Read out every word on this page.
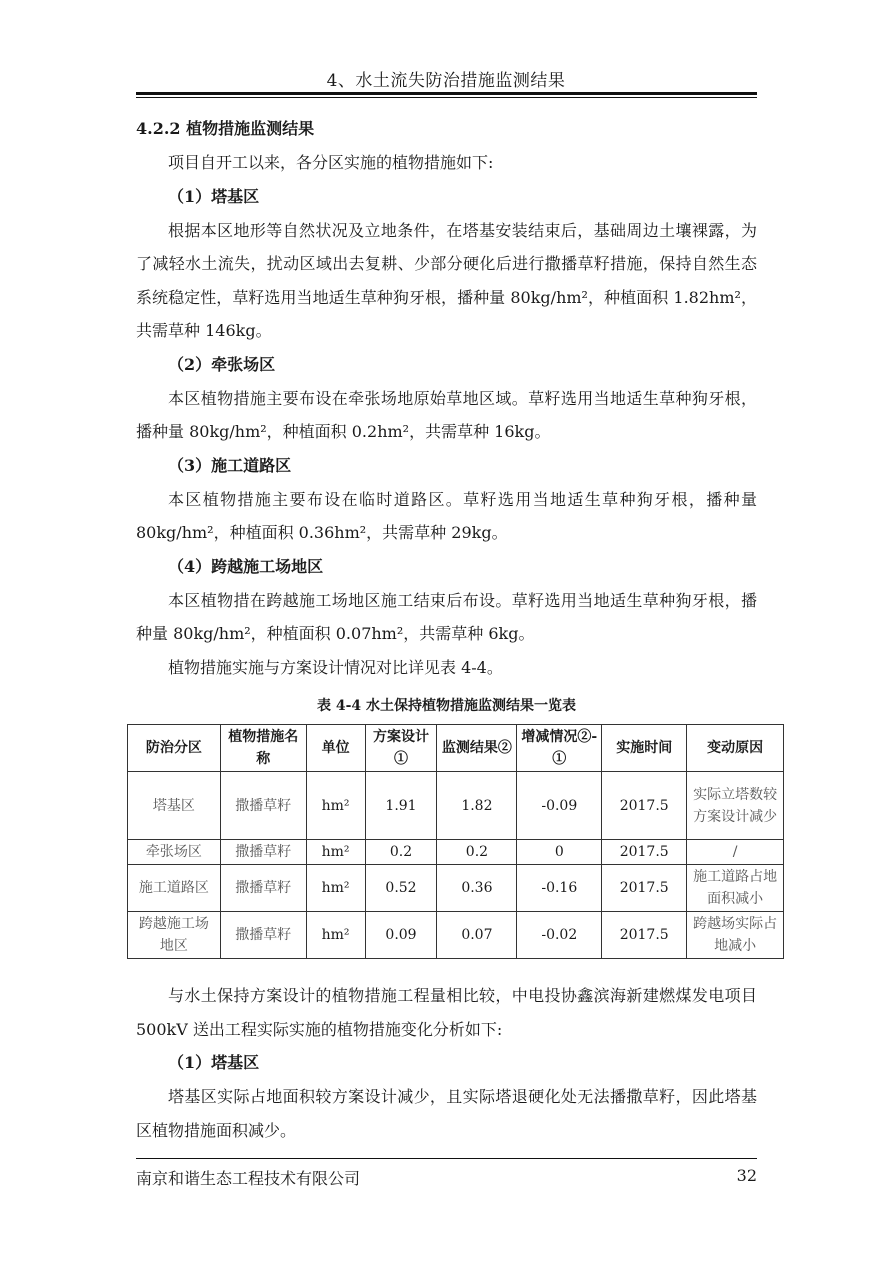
4、水土流失防治措施监测结果
4.2.2 植物措施监测结果
项目自开工以来，各分区实施的植物措施如下:
（1）塔基区
根据本区地形等自然状况及立地条件，在塔基安装结束后，基础周边土壤裸露，为了减轻水土流失，扰动区域出去复耕、少部分硬化后进行撒播草籽措施，保持自然生态系统稳定性，草籽选用当地适生草种狗牙根，播种量 80kg/hm²，种植面积 1.82hm²，共需草种 146kg。
（2）牵张场区
本区植物措施主要布设在牵张场地原始草地区域。草籽选用当地适生草种狗牙根，播种量 80kg/hm²，种植面积 0.2hm²，共需草种 16kg。
（3）施工道路区
本区植物措施主要布设在临时道路区。草籽选用当地适生草种狗牙根，播种量 80kg/hm²，种植面积 0.36hm²，共需草种 29kg。
（4）跨越施工场地区
本区植物措在跨越施工场地区施工结束后布设。草籽选用当地适生草种狗牙根，播种量 80kg/hm²，种植面积 0.07hm²，共需草种 6kg。
植物措施实施与方案设计情况对比详见表 4-4。
表 4-4 水土保持植物措施监测结果一览表
防治分区	植物措施名称	单位	方案设计①	监测结果②	增减情况②-①	实施时间	变动原因
塔基区	撒播草籽	hm²	1.91	1.82	-0.09	2017.5	实际立塔数较方案设计减少
牵张场区	撒播草籽	hm²	0.2	0.2	0	2017.5	/
施工道路区	撒播草籽	hm²	0.52	0.36	-0.16	2017.5	施工道路占地面积减小
跨越施工场地区	撒播草籽	hm²	0.09	0.07	-0.02	2017.5	跨越场实际占地减小
与水土保持方案设计的植物措施工程量相比较，中电投协鑫滨海新建燃煤发电项目 500kV 送出工程实际实施的植物措施变化分析如下:
（1）塔基区
塔基区实际占地面积较方案设计减少，且实际塔退硬化处无法播撒草籽，因此塔基区植物措施面积减少。
南京和谐生态工程技术有限公司	32
